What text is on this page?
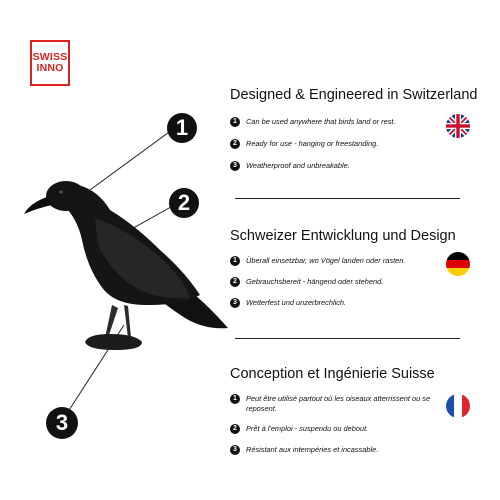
SWISS
INNO
1
2
3
Designed & Engineered in Switzerland
1	Can be used anywhere that birds land or rest.
2	Ready for use - hanging or freestanding.
3	Weatherproof and unbreakable.
Schweizer Entwicklung und Design
1	Überall einsetzbar, wo Vögel landen oder rasten.
2	Gebrauchsbereit - hängend oder stehend.
3	Wetterfest und unzerbrechlich.
Conception et Ingénierie Suisse
1	Peut être utilisé partout où les oiseaux atterrissent ou se reposent.
2	Prêt à l'emploi - suspendu ou debout.
3	Résistant aux intempéries et incassable.
